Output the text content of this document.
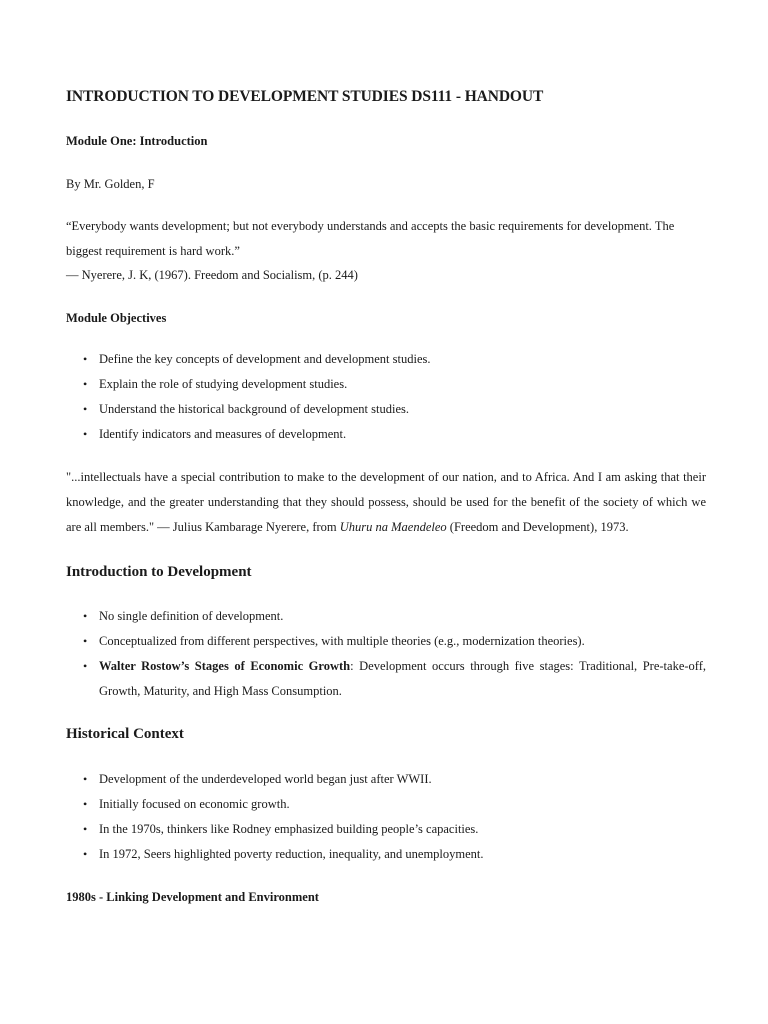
INTRODUCTION TO DEVELOPMENT STUDIES DS111 - HANDOUT

Module One: Introduction

By Mr. Golden, F

“Everybody wants development; but not everybody understands and accepts the basic requirements for development. The biggest requirement is hard work.”

— Nyerere, J. K, (1967). Freedom and Socialism, (p. 244)

Module Objectives

• Define the key concepts of development and development studies.
• Explain the role of studying development studies.
• Understand the historical background of development studies.
• Identify indicators and measures of development.

"...intellectuals have a special contribution to make to the development of our nation, and to Africa. And I am asking that their knowledge, and the greater understanding that they should possess, should be used for the benefit of the society of which we are all members." — Julius Kambarage Nyerere, from Uhuru na Maendeleo (Freedom and Development), 1973.

Introduction to Development
• No single definition of development.
• Conceptualized from different perspectives, with multiple theories (e.g., modernization theories).
• Walter Rostow’s Stages of Economic Growth: Development occurs through five stages: Traditional, Pre-take-off, Growth, Maturity, and High Mass Consumption.
Historical Context
• Development of the underdeveloped world began just after WWII.
• Initially focused on economic growth.
• In the 1970s, thinkers like Rodney emphasized building people’s capacities.
• In 1972, Seers highlighted poverty reduction, inequality, and unemployment.

1980s - Linking Development and Environment
